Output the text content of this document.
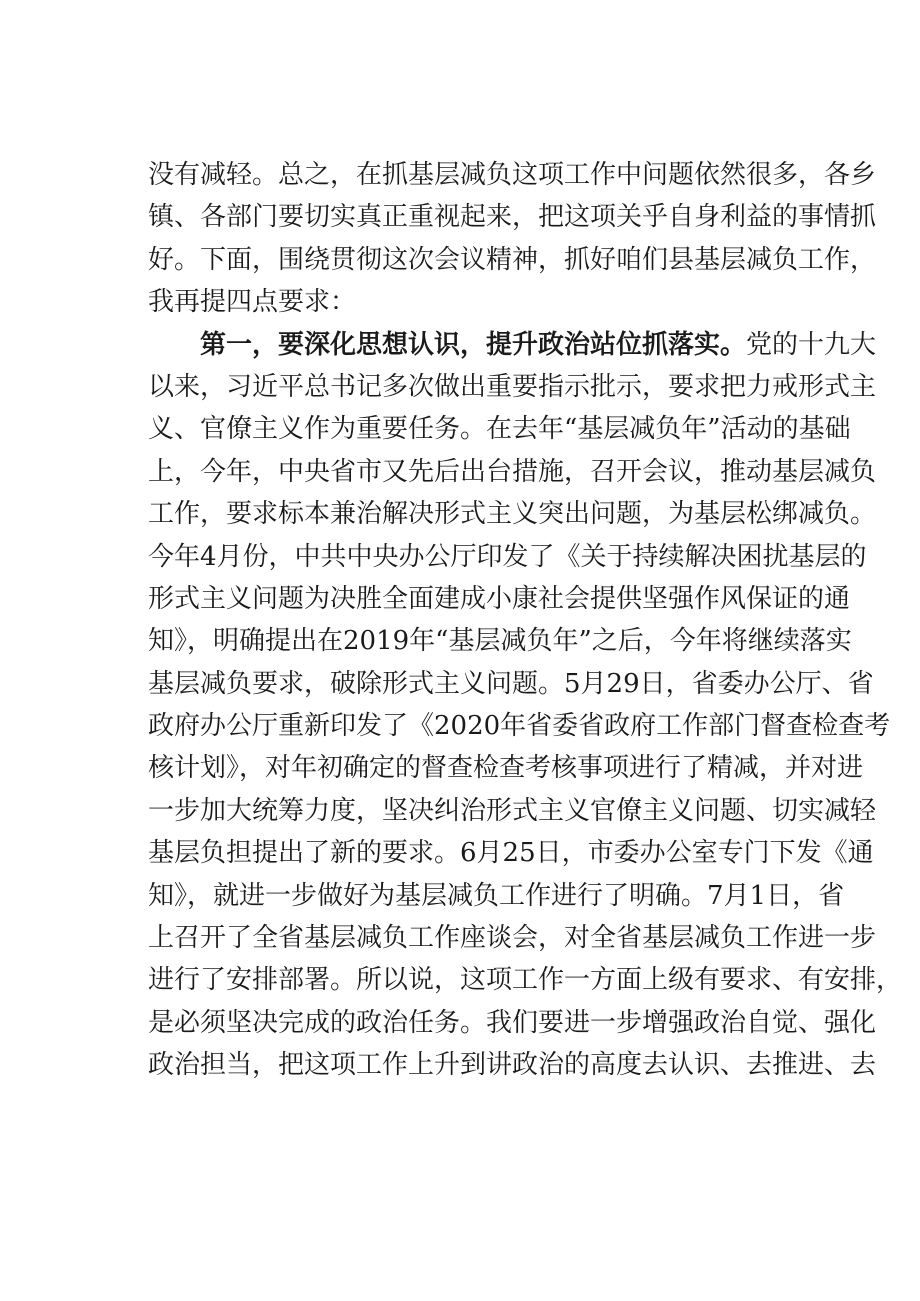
没有减轻。总之，在抓基层减负这项工作中问题依然很多，各乡
镇、各部门要切实真正重视起来，把这项关乎自身利益的事情抓
好。下面，围绕贯彻这次会议精神，抓好咱们县基层减负工作，
我再提四点要求：
第一，要深化思想认识，提升政治站位抓落实。党的十九大
以来，习近平总书记多次做出重要指示批示，要求把力戒形式主
义、官僚主义作为重要任务。在去年“基层减负年”活动的基础
上，今年，中央省市又先后出台措施，召开会议，推动基层减负
工作，要求标本兼治解决形式主义突出问题，为基层松绑减负。
今年4月份，中共中央办公厅印发了《关于持续解决困扰基层的
形式主义问题为决胜全面建成小康社会提供坚强作风保证的通
知》，明确提出在2019年“基层减负年”之后，今年将继续落实
基层减负要求，破除形式主义问题。5月29日，省委办公厅、省
政府办公厅重新印发了《2020年省委省政府工作部门督查检查考
核计划》，对年初确定的督查检查考核事项进行了精减，并对进
一步加大统筹力度，坚决纠治形式主义官僚主义问题、切实减轻
基层负担提出了新的要求。6月25日，市委办公室专门下发《通
知》，就进一步做好为基层减负工作进行了明确。7月1日，省
上召开了全省基层减负工作座谈会，对全省基层减负工作进一步
进行了安排部署。所以说，这项工作一方面上级有要求、有安排，
是必须坚决完成的政治任务。我们要进一步增强政治自觉、强化
政治担当，把这项工作上升到讲政治的高度去认识、去推进、去
